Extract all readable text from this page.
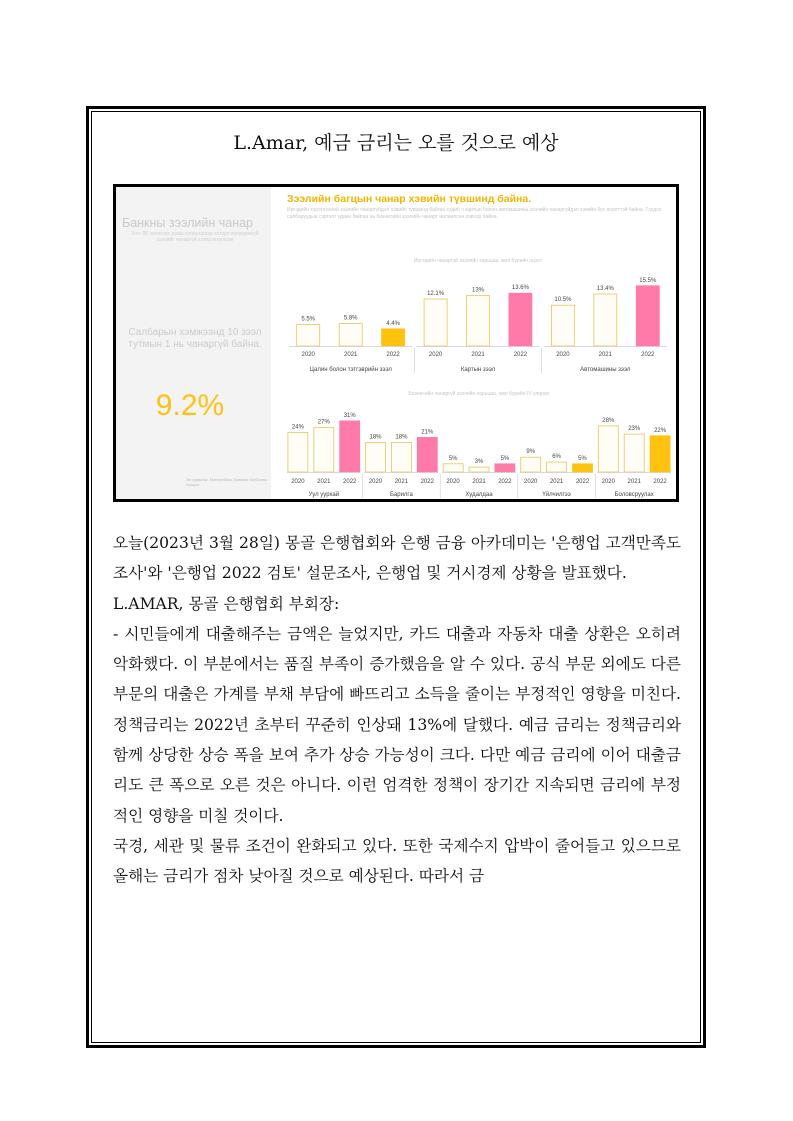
L.Amar, 예금 금리는 오를 것으로 예상
Банкны зээлийн чанар
Хэч: 90 хоногоос дээш хугацаагаар хэтэрч төлөгдөөгүй зээлийг чанаргүй зээлд ангилсан
Салбарын хэмжээнд 10 зээл тутмын 1 нь чанаргүй байна.
9.2%
Эх сурвалж: Монголбанк, Банкны холбооны тооцоо
Зээлийн багцын чанар хэвийн түвшинд байна.
Иргэдийн хэрэглээний зээлийн чанаргүйдэл хэвийн түвшинд байгаа хэдий ч картын болон автомашины зээлийн чанаргүйдэл хэвийн бус өсөлттэй байна. Гэхдээ салбаруудын сэргэлт удаан байгаа нь бизнесийн зээлийн чанарт нөлөөлсөн хэвээр байна.
Иргэдийн чанаргүй зээлийн харьцаа, жил бүрийн эцэст
5.5%
2020
5.8%
2021
4.4%
2022
Цалин болон тэтгэврийн зээл
12.1%
2020
13%
2021
13.6%
2022
Картын зээл
10.5%
2020
13.4%
2021
15.5%
2022
Автомашины зээл
Бизнесийн чанаргүй зээлийн харьцаа, жил бүрийн IV улирал
24%
2020
27%
2021
31%
2022
Уул уурхай
18%
2020
18%
2021
21%
2022
Барилга
5%
2020
3%
2021
5%
2022
Худалдаа
9%
2020
6%
2021
5%
2022
Үйлчилгээ
28%
2020
23%
2021
22%
2022
Боловсруулах

오늘(2023년 3월 28일) 몽골 은행협회와 은행 금융 아카데미는 '은행업 고객만족도 조사'와 '은행업 2022 검토' 설문조사, 은행업 및 거시경제 상황을 발표했다.

L.AMAR, 몽골 은행협회 부회장:

- 시민들에게 대출해주는 금액은 늘었지만, 카드 대출과 자동차 대출 상환은 오히려 악화했다. 이 부분에서는 품질 부족이 증가했음을 알 수 있다. 공식 부문 외에도 다른 부문의 대출은 가계를 부채 부담에 빠뜨리고 소득을 줄이는 부정적인 영향을 미친다. 정책금리는 2022년 초부터 꾸준히 인상돼 13%에 달했다. 예금 금리는 정책금리와 함께 상당한 상승 폭을 보여 추가 상승 가능성이 크다. 다만 예금 금리에 이어 대출금리도 큰 폭으로 오른 것은 아니다. 이런 엄격한 정책이 장기간 지속되면 금리에 부정적인 영향을 미칠 것이다.

국경, 세관 및 물류 조건이 완화되고 있다. 또한 국제수지 압박이 줄어들고 있으므로 올해는 금리가 점차 낮아질 것으로 예상된다. 따라서 금
